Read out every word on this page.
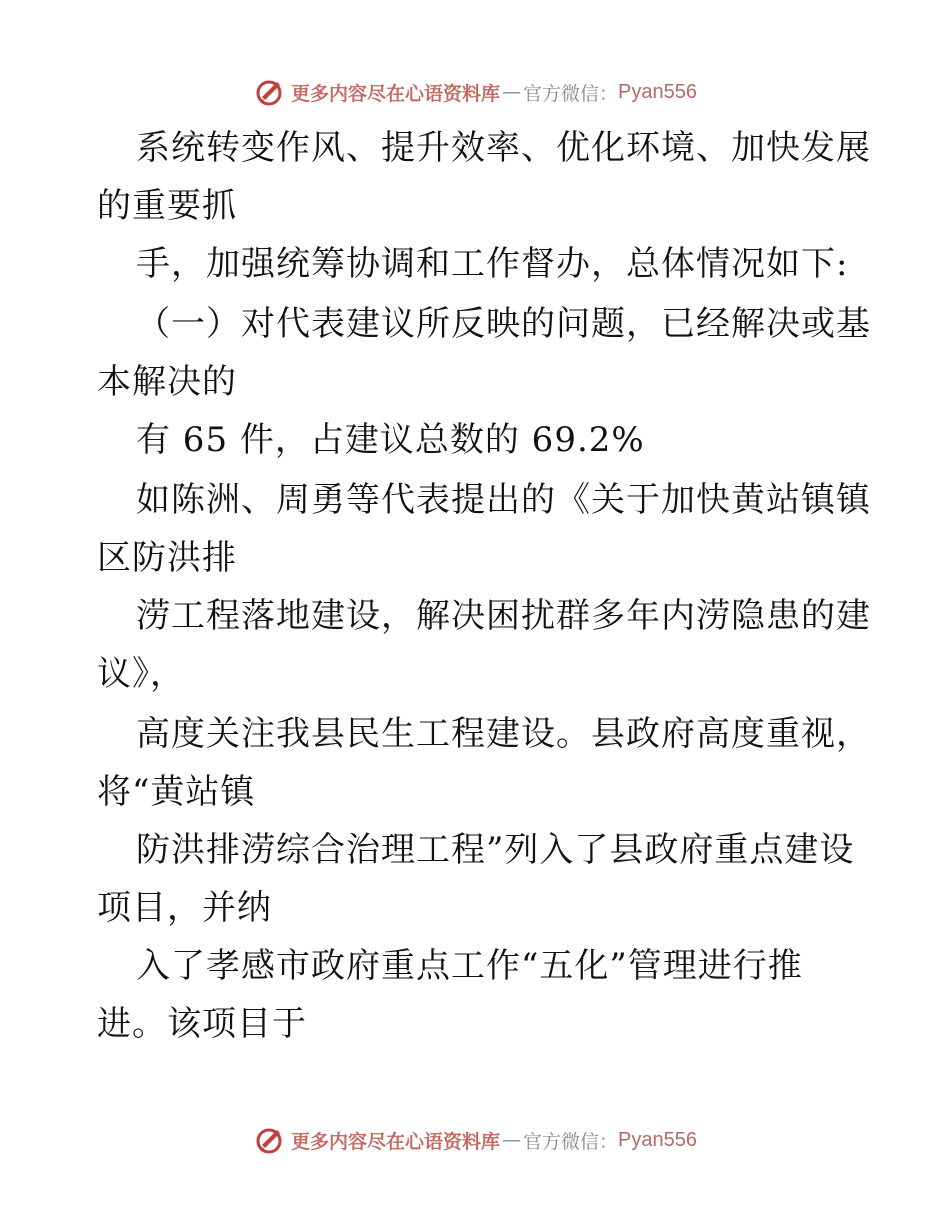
更多内容尽在心语资料库 — 官方微信： Pyan556
系统转变作风、提升效率、优化环境、加快发展
的重要抓
手，加强统筹协调和工作督办，总体情况如下:
（一）对代表建议所反映的问题，已经解决或基
本解决的
有 65 件，占建议总数的 69.2%
如陈洲、周勇等代表提出的《关于加快黄站镇镇
区防洪排
涝工程落地建设，解决困扰群多年内涝隐患的建
议》，
高度关注我县民生工程建设。县政府高度重视，
将“黄站镇
防洪排涝综合治理工程”列入了县政府重点建设
项目，并纳
入了孝感市政府重点工作“五化”管理进行推
进。该项目于
更多内容尽在心语资料库 — 官方微信： Pyan556
